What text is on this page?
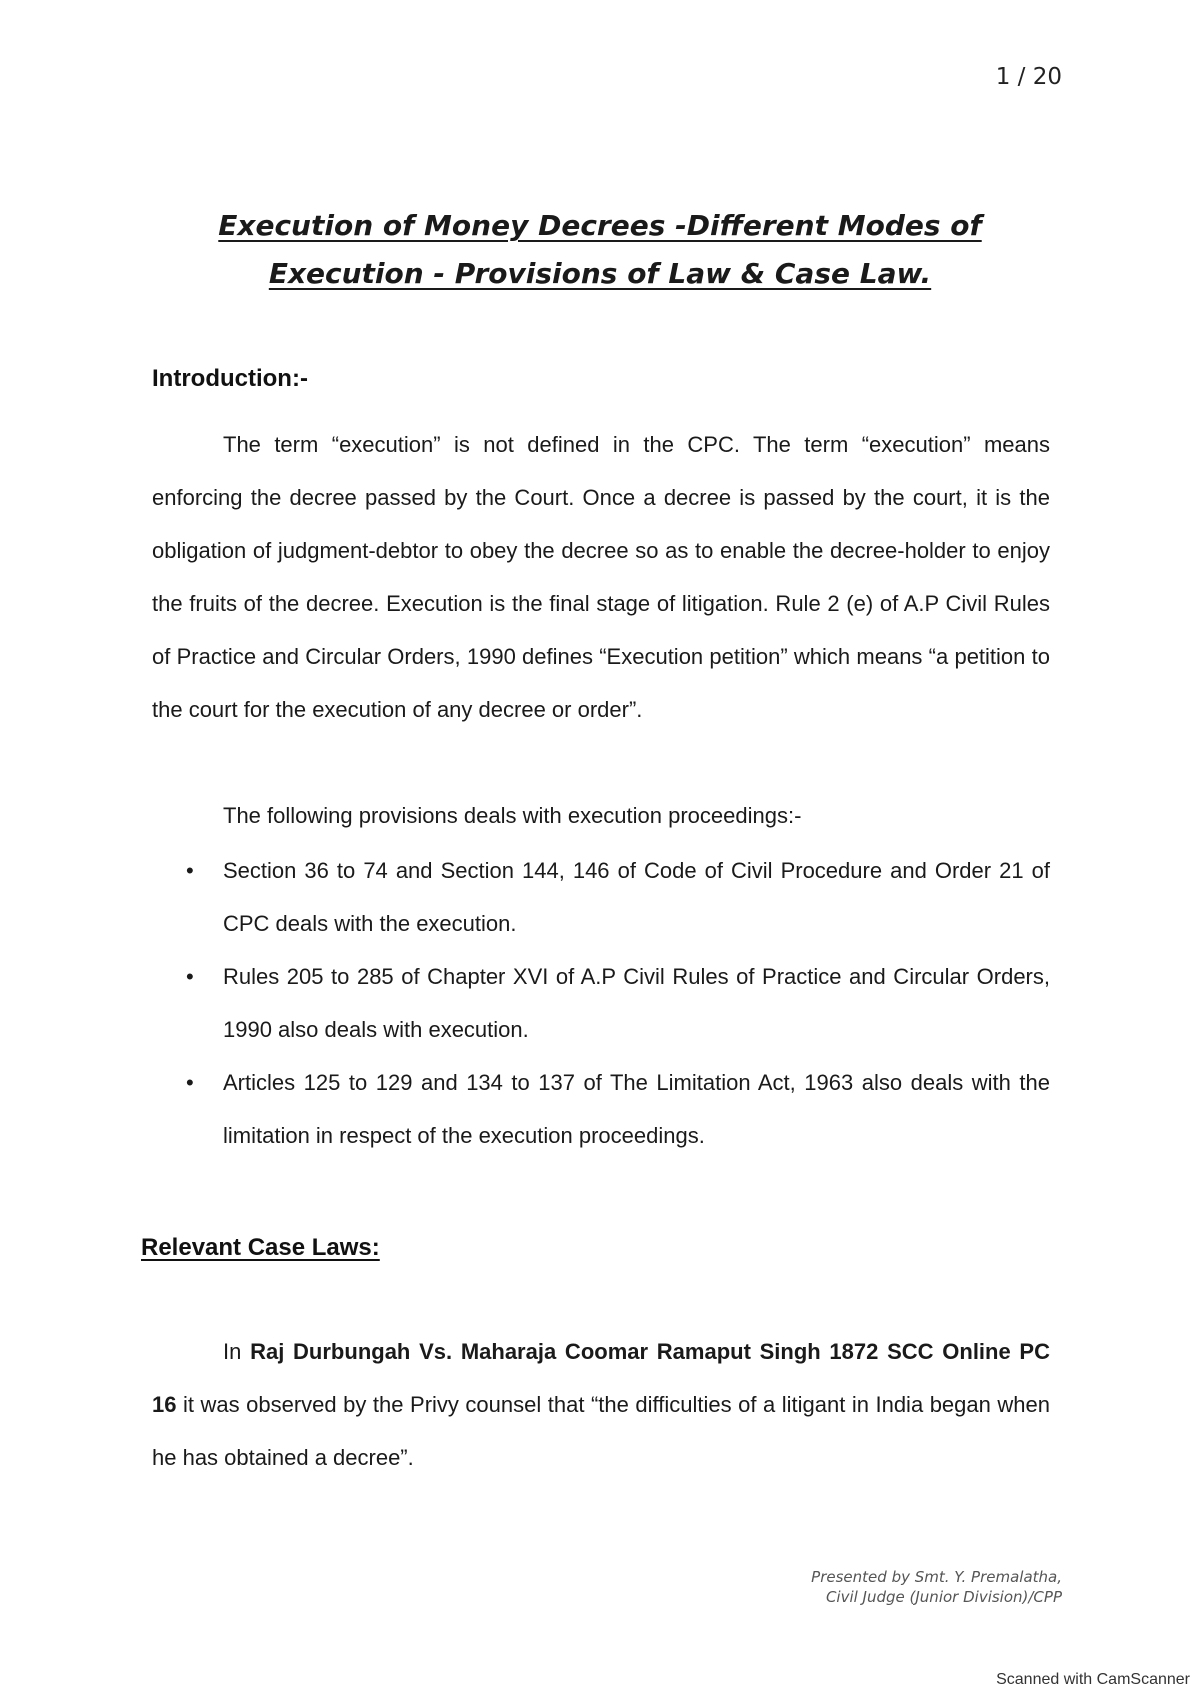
1 / 20
Execution of Money Decrees -Different Modes of
Execution - Provisions of Law & Case Law.
Introduction:-

The term “execution” is not defined in the CPC. The term “execution” means enforcing the decree passed by the Court. Once a decree is passed by the court, it is the obligation of judgment-debtor to obey the decree so as to enable the decree-holder to enjoy the fruits of the decree. Execution is the final stage of litigation. Rule 2 (e) of A.P Civil Rules of Practice and Circular Orders, 1990 defines “Execution petition” which means “a petition to the court for the execution of any decree or order”.

The following provisions deals with execution proceedings:-

• Section 36 to 74 and Section 144, 146 of Code of Civil Procedure and Order 21 of CPC deals with the execution.
• Rules 205 to 285 of Chapter XVI of A.P Civil Rules of Practice and Circular Orders, 1990 also deals with execution.
• Articles 125 to 129 and 134 to 137 of The Limitation Act, 1963 also deals with the limitation in respect of the execution proceedings.
Relevant Case Laws:

In Raj Durbungah Vs. Maharaja Coomar Ramaput Singh 1872 SCC Online PC 16 it was observed by the Privy counsel that “the difficulties of a litigant in India began when he has obtained a decree”.

Presented by Smt. Y. Premalatha,
Civil Judge (Junior Division)/CPP
Scanned with CamScanner
